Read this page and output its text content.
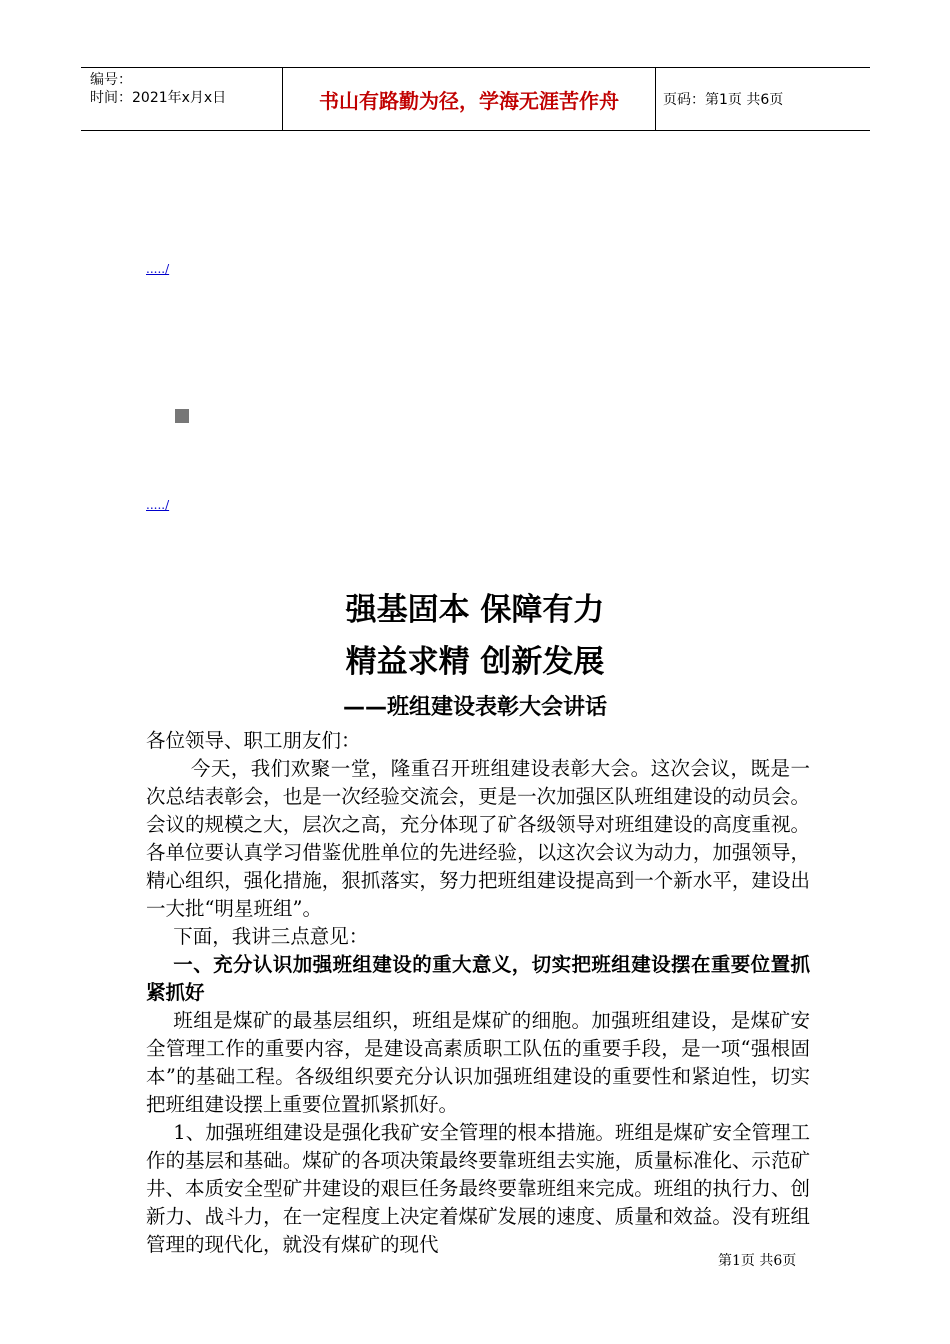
编号：
时间：2021年x月x日	书山有路勤为径，学海无涯苦作舟	页码：第1页 共6页
...../
...../
强基固本 保障有力
精益求精 创新发展
——班组建设表彰大会讲话

各位领导、职工朋友们：

今天，我们欢聚一堂，隆重召开班组建设表彰大会。这次会议，既是一次总结表彰会，也是一次经验交流会，更是一次加强区队班组建设的动员会。会议的规模之大，层次之高，充分体现了矿各级领导对班组建设的高度重视。各单位要认真学习借鉴优胜单位的先进经验，以这次会议为动力，加强领导，精心组织，强化措施，狠抓落实，努力把班组建设提高到一个新水平，建设出一大批“明星班组”。

下面，我讲三点意见：

一、充分认识加强班组建设的重大意义，切实把班组建设摆在重要位置抓紧抓好

班组是煤矿的最基层组织，班组是煤矿的细胞。加强班组建设，是煤矿安全管理工作的重要内容，是建设高素质职工队伍的重要手段，是一项“强根固本”的基础工程。各级组织要充分认识加强班组建设的重要性和紧迫性，切实把班组建设摆上重要位置抓紧抓好。

1、加强班组建设是强化我矿安全管理的根本措施。班组是煤矿安全管理工作的基层和基础。煤矿的各项决策最终要靠班组去实施，质量标准化、示范矿井、本质安全型矿井建设的艰巨任务最终要靠班组来完成。班组的执行力、创新力、战斗力，在一定程度上决定着煤矿发展的速度、质量和效益。没有班组管理的现代化，就没有煤矿的现代

第1页 共6页
